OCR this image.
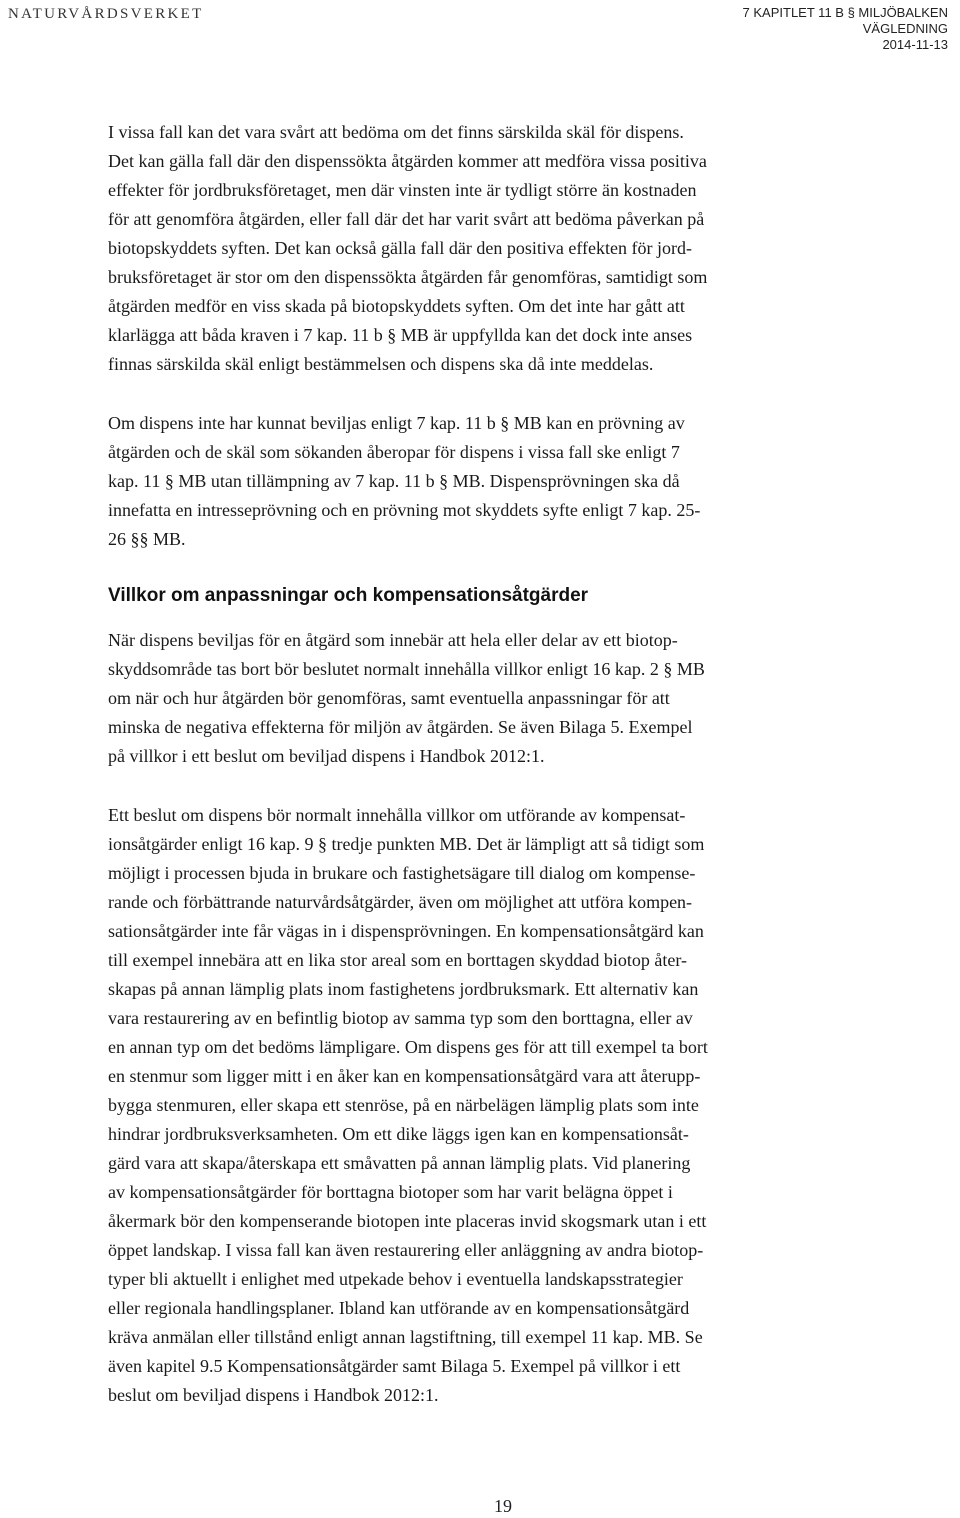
NATURVÅRDSVERKET	7 KAPITLET 11 B § MILJÖBALKEN
VÄGLEDNING
2014-11-13

I vissa fall kan det vara svårt att bedöma om det finns särskilda skäl för dispens.
Det kan gälla fall där den dispenssökta åtgärden kommer att medföra vissa positiva
effekter för jordbruksföretaget, men där vinsten inte är tydligt större än kostnaden
för att genomföra åtgärden, eller fall där det har varit svårt att bedöma påverkan på
biotopskyddets syften. Det kan också gälla fall där den positiva effekten för jord-
bruksföretaget är stor om den dispenssökta åtgärden får genomföras, samtidigt som
åtgärden medför en viss skada på biotopskyddets syften. Om det inte har gått att
klarlägga att båda kraven i 7 kap. 11 b § MB är uppfyllda kan det dock inte anses
finnas särskilda skäl enligt bestämmelsen och dispens ska då inte meddelas.

Om dispens inte har kunnat beviljas enligt 7 kap. 11 b § MB kan en prövning av
åtgärden och de skäl som sökanden åberopar för dispens i vissa fall ske enligt 7
kap. 11 § MB utan tillämpning av 7 kap. 11 b § MB. Dispensprövningen ska då
innefatta en intresseprövning och en prövning mot skyddets syfte enligt 7 kap. 25-
26 §§ MB.

Villkor om anpassningar och kompensationsåtgärder

När dispens beviljas för en åtgärd som innebär att hela eller delar av ett biotop-
skyddsområde tas bort bör beslutet normalt innehålla villkor enligt 16 kap. 2 § MB
om när och hur åtgärden bör genomföras, samt eventuella anpassningar för att
minska de negativa effekterna för miljön av åtgärden. Se även Bilaga 5. Exempel
på villkor i ett beslut om beviljad dispens i Handbok 2012:1.

Ett beslut om dispens bör normalt innehålla villkor om utförande av kompensat-
ionsåtgärder enligt 16 kap. 9 § tredje punkten MB. Det är lämpligt att så tidigt som
möjligt i processen bjuda in brukare och fastighetsägare till dialog om kompense-
rande och förbättrande naturvårdsåtgärder, även om möjlighet att utföra kompen-
sationsåtgärder inte får vägas in i dispensprövningen. En kompensationsåtgärd kan
till exempel innebära att en lika stor areal som en borttagen skyddad biotop åter-
skapas på annan lämplig plats inom fastighetens jordbruksmark. Ett alternativ kan
vara restaurering av en befintlig biotop av samma typ som den borttagna, eller av
en annan typ om det bedöms lämpligare. Om dispens ges för att till exempel ta bort
en stenmur som ligger mitt i en åker kan en kompensationsåtgärd vara att återupp-
bygga stenmuren, eller skapa ett stenröse, på en närbelägen lämplig plats som inte
hindrar jordbruksverksamheten. Om ett dike läggs igen kan en kompensationsåt-
gärd vara att skapa/återskapa ett småvatten på annan lämplig plats. Vid planering
av kompensationsåtgärder för borttagna biotoper som har varit belägna öppet i
åkermark bör den kompenserande biotopen inte placeras invid skogsmark utan i ett
öppet landskap. I vissa fall kan även restaurering eller anläggning av andra biotop-
typer bli aktuellt i enlighet med utpekade behov i eventuella landskapsstrategier
eller regionala handlingsplaner. Ibland kan utförande av en kompensationsåtgärd
kräva anmälan eller tillstånd enligt annan lagstiftning, till exempel 11 kap. MB. Se
även kapitel 9.5 Kompensationsåtgärder samt Bilaga 5. Exempel på villkor i ett
beslut om beviljad dispens i Handbok 2012:1.

19
